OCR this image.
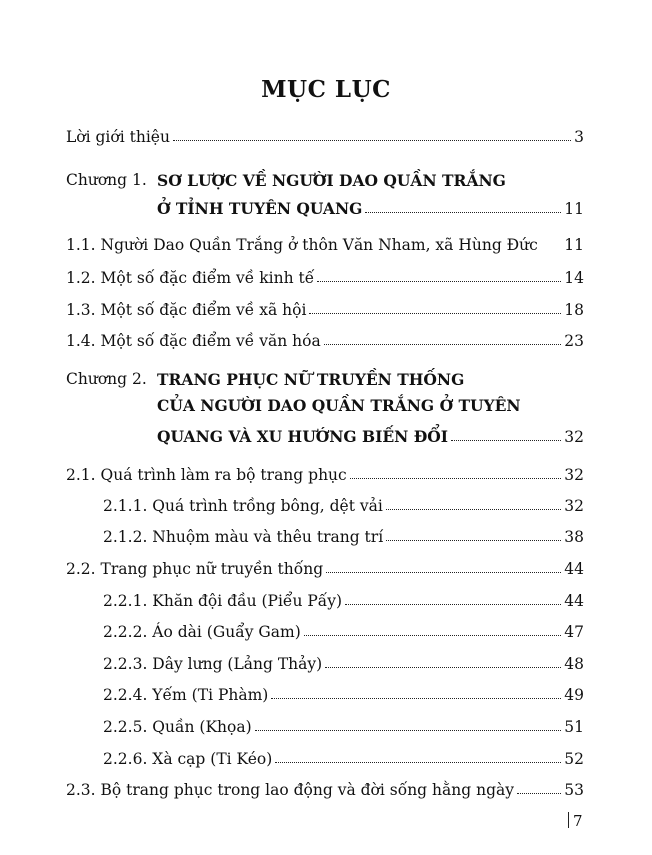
MỤC LỤC
Lời giới thiệu	3
Chương 1. SƠ LƯỢC VỀ NGƯỜI DAO QUẦN TRẮNG
Ở TỈNH TUYÊN QUANG	11
1.1. Người Dao Quần Trắng ở thôn Văn Nham, xã Hùng Đức 11
1.2. Một số đặc điểm về kinh tế	14
1.3. Một số đặc điểm về xã hội	18
1.4. Một số đặc điểm về văn hóa	23
Chương 2. TRANG PHỤC NỮ TRUYỀN THỐNG
CỦA NGƯỜI DAO QUẦN TRẮNG Ở TUYÊN
QUANG VÀ XU HƯỚNG BIẾN ĐỔI	32
2.1. Quá trình làm ra bộ trang phục	32
2.1.1. Quá trình trồng bông, dệt vải	32
2.1.2. Nhuộm màu và thêu trang trí	38
2.2. Trang phục nữ truyền thống	44
2.2.1. Khăn đội đầu (Piểu Pấy)	44
2.2.2. Áo dài (Guẩy Gam)	47
2.2.3. Dây lưng (Lảng Thảy)	48
2.2.4. Yếm (Ti Phàm)	49
2.2.5. Quần (Khọa)	51
2.2.6. Xà cạp (Ti Kéo)	52
2.3. Bộ trang phục trong lao động và đời sống hằng ngày	53
7
